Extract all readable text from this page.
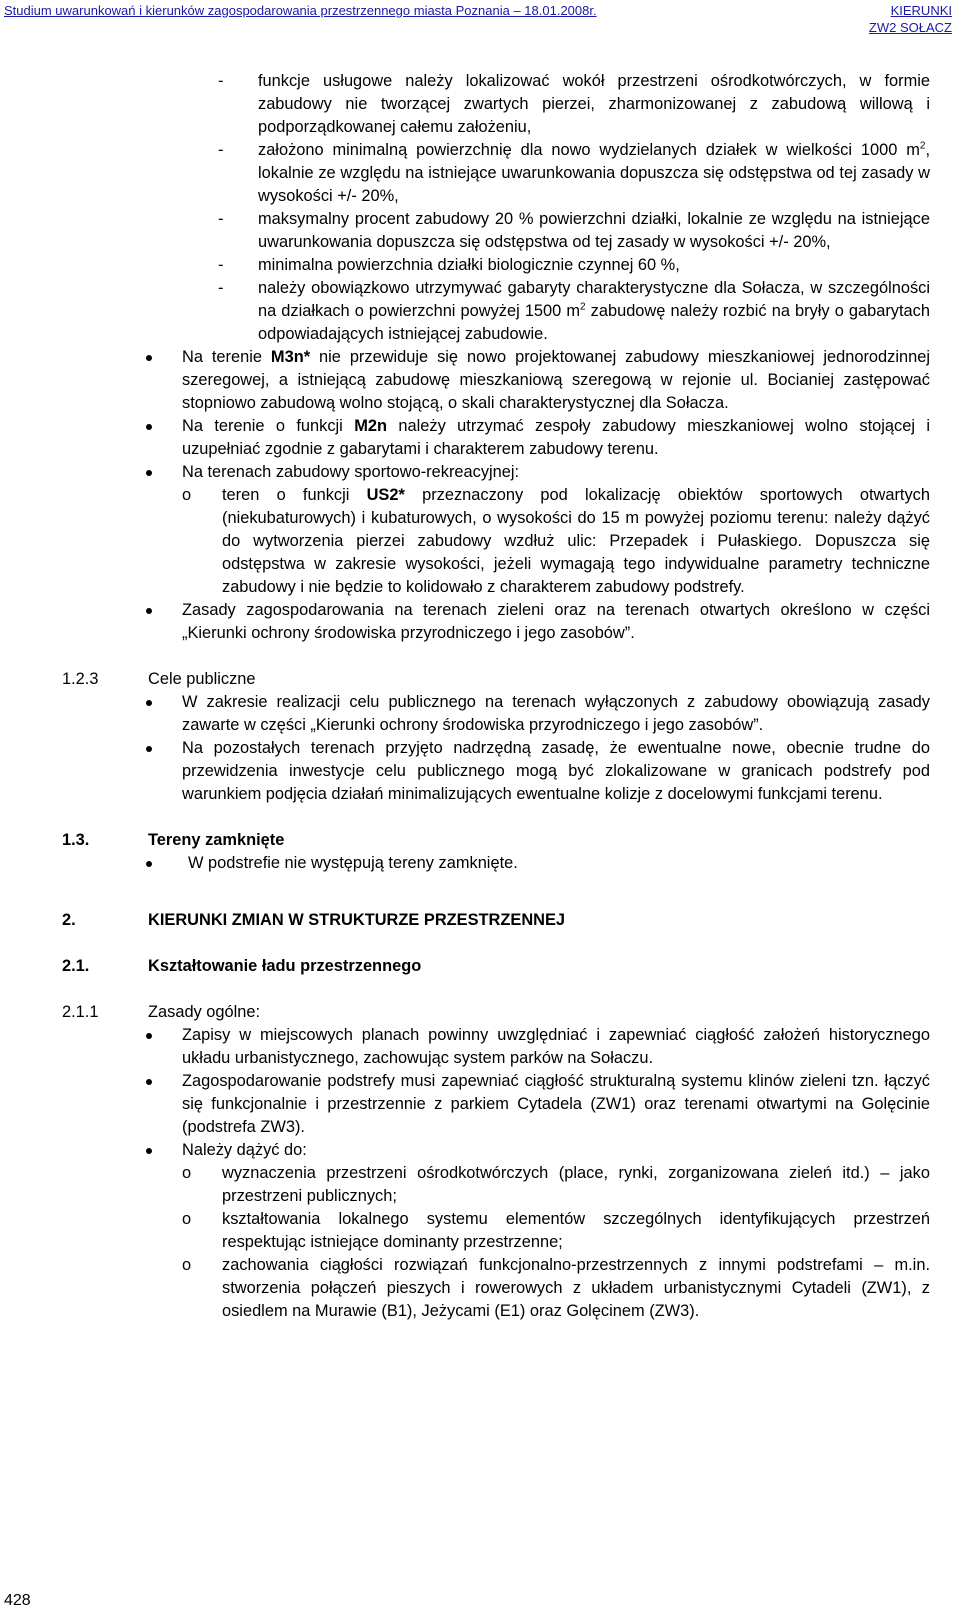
Studium uwarunkowań i kierunków zagospodarowania przestrzennego miasta Poznania – 18.01.2008r.	KIERUNKI
ZW2 SOŁACZ
- funkcje usługowe należy lokalizować wokół przestrzeni ośrodkotwórczych, w formie zabudowy nie tworzącej zwartych pierzei, zharmonizowanej z zabudową willową i podporządkowanej całemu założeniu,
- założono minimalną powierzchnię dla nowo wydzielanych działek w wielkości 1000 $m^2$, lokalnie ze względu na istniejące uwarunkowania dopuszcza się odstępstwa od tej zasady w wysokości +/- 20%,
- maksymalny procent zabudowy 20 % powierzchni działki, lokalnie ze względu na istniejące uwarunkowania dopuszcza się odstępstwa od tej zasady w wysokości +/- 20%,
- minimalna powierzchnia działki biologicznie czynnej 60 %,
- należy obowiązkowo utrzymywać gabaryty charakterystyczne dla Sołacza, w szczególności na działkach o powierzchni powyżej 1500 $m^2$ zabudowę należy rozbić na bryły o gabarytach odpowiadających istniejącej zabudowie.
Na terenie M3n* nie przewiduje się nowo projektowanej zabudowy mieszkaniowej jednorodzinnej szeregowej, a istniejącą zabudowę mieszkaniową szeregową w rejonie ul. Bocianiej zastępować stopniowo zabudową wolno stojącą, o skali charakterystycznej dla Sołacza.
Na terenie o funkcji M2n należy utrzymać zespoły zabudowy mieszkaniowej wolno stojącej i uzupełniać zgodnie z gabarytami i charakterem zabudowy terenu.
Na terenach zabudowy sportowo-rekreacyjnej:
o teren o funkcji US2* przeznaczony pod lokalizację obiektów sportowych otwartych (niekubaturowych) i kubaturowych, o wysokości do 15 m powyżej poziomu terenu: należy dążyć do wytworzenia pierzei zabudowy wzdłuż ulic: Przepadek i Pułaskiego. Dopuszcza się odstępstwa w zakresie wysokości, jeżeli wymagają tego indywidualne parametry techniczne zabudowy i nie będzie to kolidowało z charakterem zabudowy podstrefy.
Zasady zagospodarowania na terenach zieleni oraz na terenach otwartych określono w części „Kierunki ochrony środowiska przyrodniczego i jego zasobów”.
1.2.3	Cele publiczne
W zakresie realizacji celu publicznego na terenach wyłączonych z zabudowy obowiązują zasady zawarte w części „Kierunki ochrony środowiska przyrodniczego i jego zasobów”.
Na pozostałych terenach przyjęto nadrzędną zasadę, że ewentualne nowe, obecnie trudne do przewidzenia inwestycje celu publicznego mogą być zlokalizowane w granicach podstrefy pod warunkiem podjęcia działań minimalizujących ewentualne kolizje z docelowymi funkcjami terenu.
1.3.	Tereny zamknięte
W podstrefie nie występują tereny zamknięte.
2.	KIERUNKI ZMIAN W STRUKTURZE PRZESTRZENNEJ
2.1.	Kształtowanie ładu przestrzennego
2.1.1	Zasady ogólne:
Zapisy w miejscowych planach powinny uwzględniać i zapewniać ciągłość założeń historycznego układu urbanistycznego, zachowując system parków na Sołaczu.
Zagospodarowanie podstrefy musi zapewniać ciągłość strukturalną systemu klinów zieleni tzn. łączyć się funkcjonalnie i przestrzennie z parkiem Cytadela (ZW1) oraz terenami otwartymi na Golęcinie (podstrefa ZW3).
Należy dążyć do:
o wyznaczenia przestrzeni ośrodkotwórczych (place, rynki, zorganizowana zieleń itd.) – jako przestrzeni publicznych;
o kształtowania lokalnego systemu elementów szczególnych identyfikujących przestrzeń respektując istniejące dominanty przestrzenne;
o zachowania ciągłości rozwiązań funkcjonalno-przestrzennych z innymi podstrefami – m.in. stworzenia połączeń pieszych i rowerowych z układem urbanistycznymi Cytadeli (ZW1), z osiedlem na Murawie (B1), Jeżycami (E1) oraz Golęcinem (ZW3).
428
